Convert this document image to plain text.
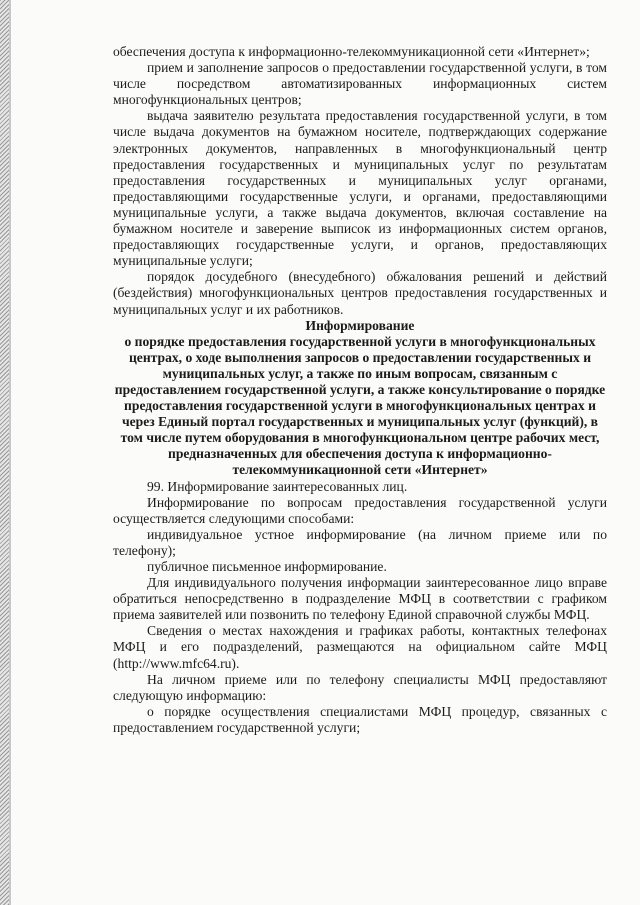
обеспечения доступа к информационно-телекоммуникационной сети «Интернет»;

прием и заполнение запросов о предоставлении государственной услуги, в том числе посредством автоматизированных информационных систем многофункциональных центров;

выдача заявителю результата предоставления государственной услуги, в том числе выдача документов на бумажном носителе, подтверждающих содержание электронных документов, направленных в многофункциональный центр предоставления государственных и муниципальных услуг по результатам предоставления государственных и муниципальных услуг органами, предоставляющими государственные услуги, и органами, предоставляющими муниципальные услуги, а также выдача документов, включая составление на бумажном носителе и заверение выписок из информационных систем органов, предоставляющих государственные услуги, и органов, предоставляющих муниципальные услуги;

порядок досудебного (внесудебного) обжалования решений и действий (бездействия) многофункциональных центров предоставления государственных и муниципальных услуг и их работников.

Информирование
о порядке предоставления государственной услуги в многофункциональных центрах, о ходе выполнения запросов о предоставлении государственных и муниципальных услуг, а также по иным вопросам, связанным с предоставлением государственной услуги, а также консультирование о порядке предоставления государственной услуги в многофункциональных центрах и через Единый портал государственных и муниципальных услуг (функций), в том числе путем оборудования в многофункциональном центре рабочих мест, предназначенных для обеспечения доступа к информационно-телекоммуникационной сети «Интернет»

99. Информирование заинтересованных лиц.

Информирование по вопросам предоставления государственной услуги осуществляется следующими способами:

индивидуальное устное информирование (на личном приеме или по телефону);

публичное письменное информирование.

Для индивидуального получения информации заинтересованное лицо вправе обратиться непосредственно в подразделение МФЦ в соответствии с графиком приема заявителей или позвонить по телефону Единой справочной службы МФЦ.

Сведения о местах нахождения и графиках работы, контактных телефонах МФЦ и его подразделений, размещаются на официальном сайте МФЦ (http://www.mfc64.ru).

На личном приеме или по телефону специалисты МФЦ предоставляют следующую информацию:

о порядке осуществления специалистами МФЦ процедур, связанных с предоставлением государственной услуги;
